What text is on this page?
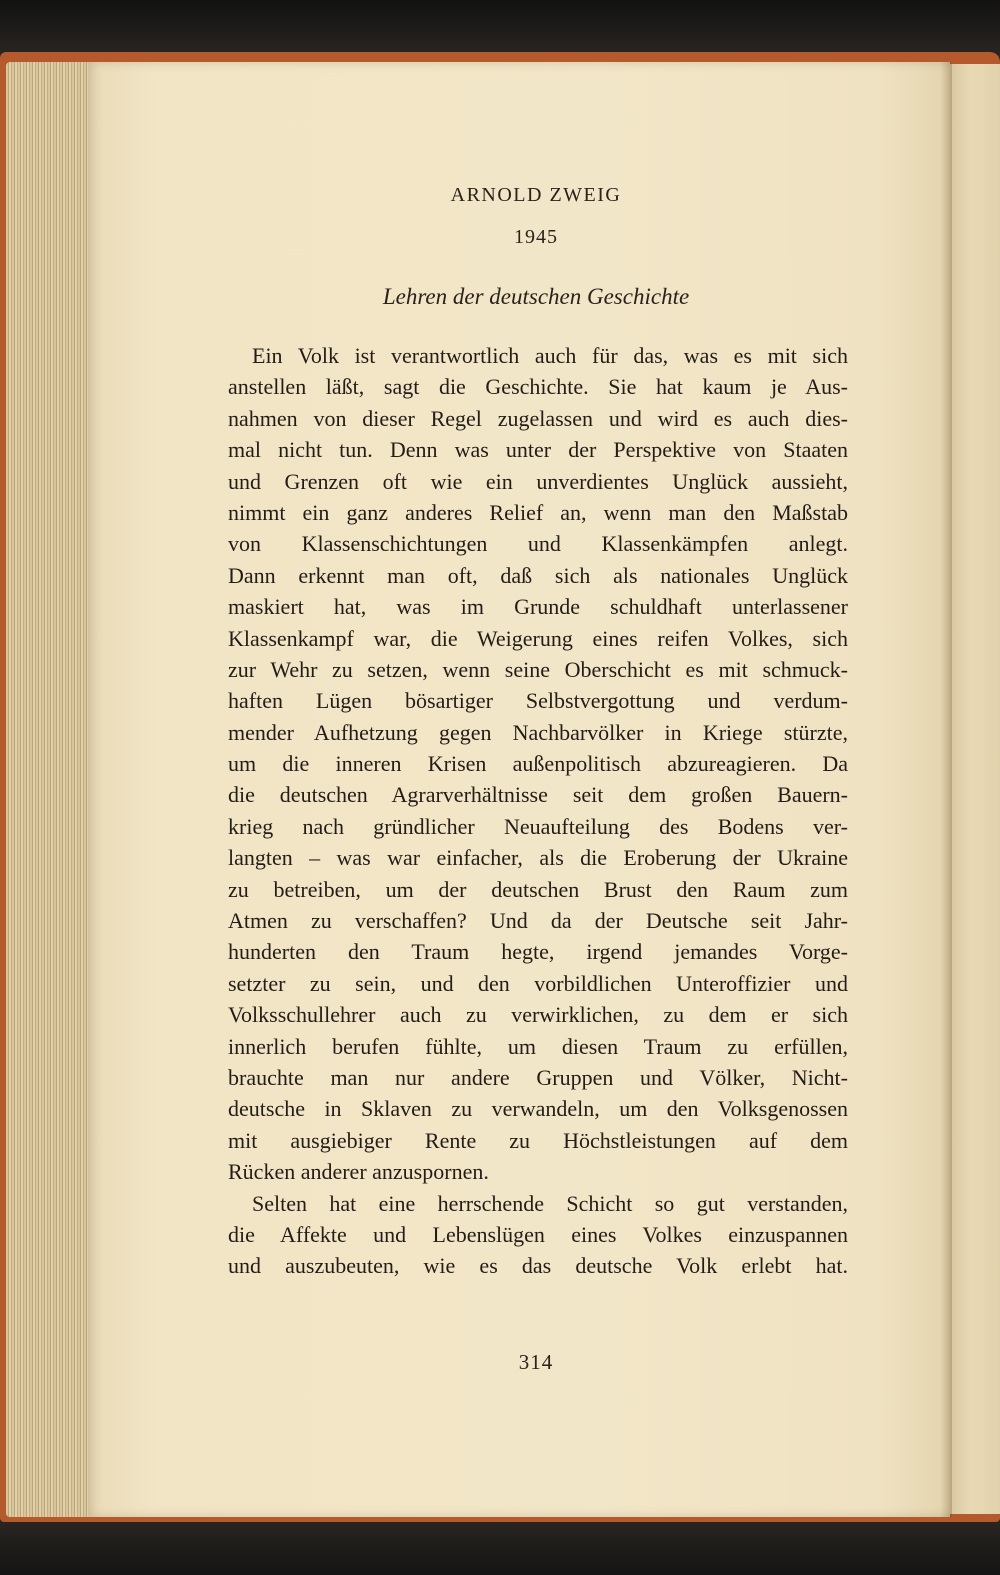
ARNOLD ZWEIG
1945
Lehren der deutschen Geschichte
Ein Volk ist verantwortlich auch für das, was es mit sich
anstellen läßt, sagt die Geschichte. Sie hat kaum je Aus-
nahmen von dieser Regel zugelassen und wird es auch dies-
mal nicht tun. Denn was unter der Perspektive von Staaten
und Grenzen oft wie ein unverdientes Unglück aussieht,
nimmt ein ganz anderes Relief an, wenn man den Maßstab
von Klassenschichtungen und Klassenkämpfen anlegt.
Dann erkennt man oft, daß sich als nationales Unglück
maskiert hat, was im Grunde schuldhaft unterlassener
Klassenkampf war, die Weigerung eines reifen Volkes, sich
zur Wehr zu setzen, wenn seine Oberschicht es mit schmuck-
haften Lügen bösartiger Selbstvergottung und verdum-
mender Aufhetzung gegen Nachbarvölker in Kriege stürzte,
um die inneren Krisen außenpolitisch abzureagieren. Da
die deutschen Agrarverhältnisse seit dem großen Bauern-
krieg nach gründlicher Neuaufteilung des Bodens ver-
langten – was war einfacher, als die Eroberung der Ukraine
zu betreiben, um der deutschen Brust den Raum zum
Atmen zu verschaffen? Und da der Deutsche seit Jahr-
hunderten den Traum hegte, irgend jemandes Vorge-
setzter zu sein, und den vorbildlichen Unteroffizier und
Volksschullehrer auch zu verwirklichen, zu dem er sich
innerlich berufen fühlte, um diesen Traum zu erfüllen,
brauchte man nur andere Gruppen und Völker, Nicht-
deutsche in Sklaven zu verwandeln, um den Volksgenossen
mit ausgiebiger Rente zu Höchstleistungen auf dem
Rücken anderer anzuspornen.
Selten hat eine herrschende Schicht so gut verstanden,
die Affekte und Lebenslügen eines Volkes einzuspannen
und auszubeuten, wie es das deutsche Volk erlebt hat.
314
